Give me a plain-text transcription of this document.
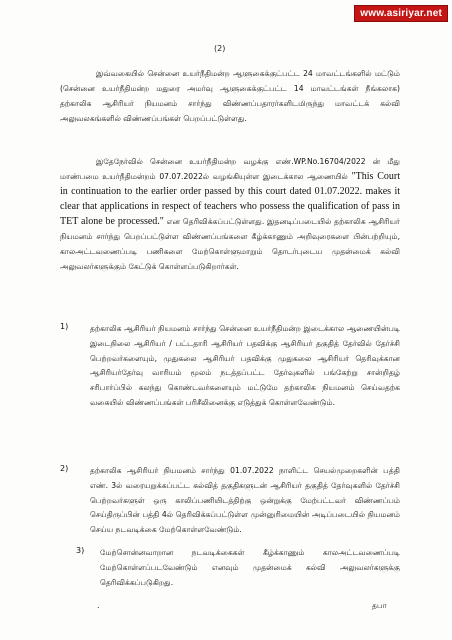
www.asiriyar.net
(2)

இவ்வகையில் சென்னை உயர்நீதிமன்ற ஆளுகைக்குட்பட்ட 24 மாவட்டங்களில் மட்டும் (சென்னை உயர்நீதிமன்ற மதுரை அமர்வு ஆளுகைக்குட்பட்ட 14 மாவட்டங்கள் நீங்கலாக) தற்காலிக ஆசிரியர் நியமனம் சார்ந்து விண்ணப்பதாரர்களிடமிருந்து மாவட்டக் கல்வி அலுவலகங்களில் விண்ணப்பங்கள் பெறப்பட்டுள்ளது.

இதேநேர்வில் சென்னை உயர்நீதிமன்ற வழக்கு எண்.WP.No.16704/2022 ன் மீது மாண்பமை உயர்நீதிமன்றம் 07.07.2022ல் வழங்கியுள்ள இடைக்கால ஆணையில் "This Court in continuation to the earlier order passed by this court dated 01.07.2022. makes it clear that applications in respect of teachers who possess the qualification of pass in TET alone be processed." என தெரிவிக்கப்பட்டுள்ளது. இதனடிப்படையில் தற்காலிக ஆசிரியர் நியமனம் சார்ந்து பெறப்பட்டுள்ள விண்ணப்பங்களை கீழ்க்காணும் அறிவுரைகளை பின்பற்றியும், காலஅட்டவணைப்படி பணிகளை மேற்கொள்ளுமாறும் தொடர்புடைய முதன்மைக் கல்வி அலுவலர்களுக்கும் கேட்டுக் கொள்ளப்படுகிறார்கள்.

1)	தற்காலிக ஆசிரியர் நியமனம் சார்ந்து சென்னை உயர்நீதிமன்ற இடைக்கால ஆணையின்படி இடைநிலை ஆசிரியர் / பட்டதாரி ஆசிரியர் பதவிக்கு ஆசிரியர் தகுதித் தேர்வில் தேர்ச்சி பெற்றவர்களையும், முதுகலை ஆசிரியர் பதவிக்கு முதுகலை ஆசிரியர் தெரிவுக்கான ஆசிரியர்தேர்வு வாரியம் மூலம் நடத்தப்பட்ட தேர்வுகளில் பங்கேற்று சான்றிதழ் சரிபார்ப்பில் கலந்து கொண்டவர்களையும் மட்டுமே தற்காலிக நியமனம் செய்வதற்க வகையில் விண்ணப்பங்கள் பரிசீலினைக்கு எடுத்துக் கொள்ளவேண்டும்.
2)	தற்காலிக ஆசிரியர் நியமனம் சார்ந்து 01.07.2022 நாளிட்ட செயல்முறைகளின் பத்தி எண். 3ல் வரையறுக்கப்பட்ட கல்வித் தகுதிகளுடன் ஆசிரியர் தகுதித் தேர்வுகளில் தேர்ச்சி பெற்றவர்களுள் ஒரு காலிப்பணியிடத்திற்கு ஒன்றுக்கு மேற்பட்டவர் விண்ணப்பம் செய்திருப்பின் பத்தி 4ல் தெரிவிக்கப்பட்டுள்ள முன்னுரிமையின் அடிப்படையில் நியமனம் செய்ய நடவடிக்கை மேற்கொள்ளவேண்டும்.
3) மேற்சொன்னவாறான நடவடிக்கைகள் கீழ்க்காணும் காலஅட்டவணைப்படி மேற்கொள்ளப்படவேண்டும் எனவும் முதன்மைக் கல்வி அலுவலர்களுக்கு தெரிவிக்கப்படுகிறது.
.	தபா
